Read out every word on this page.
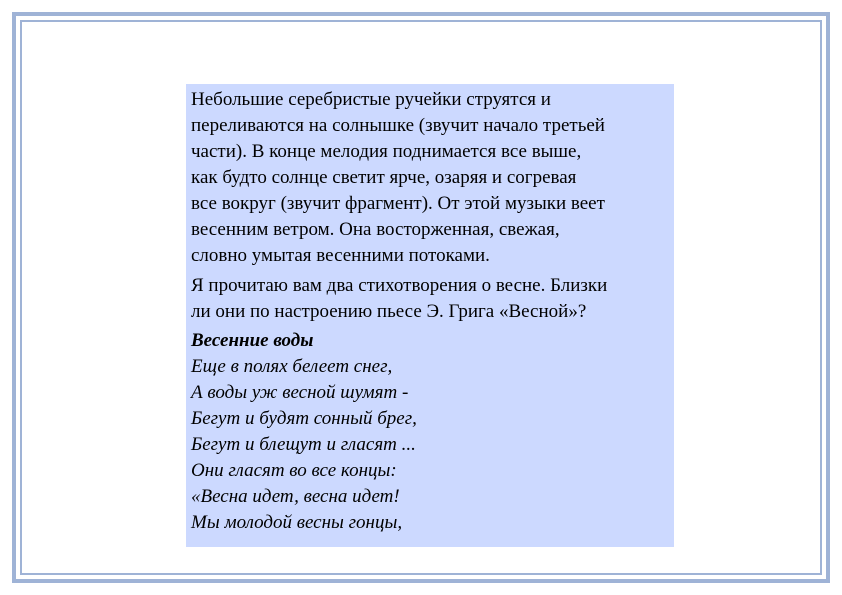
Небольшие серебристые ручейки струятся и
переливаются на солнышке (звучит начало третьей
части). В конце мелодия поднимается все выше,
как будто солнце светит ярче, озаряя и согревая
все вокруг (звучит фрагмент). От этой музыки веет
весенним ветром. Она восторженная, свежая,
словно умытая весенними потоками.

Я прочитаю вам два стихотворения о весне. Близки
ли они по настроению пьесе Э. Грига «Весной»?

Весенние воды

Еще в полях белеет снег,

А воды уж весной шумят -

Бегут и будят сонный брег,

Бегут и блещут и гласят ...

Они гласят во все концы:

«Весна идет, весна идет!

Мы молодой весны гонцы,
